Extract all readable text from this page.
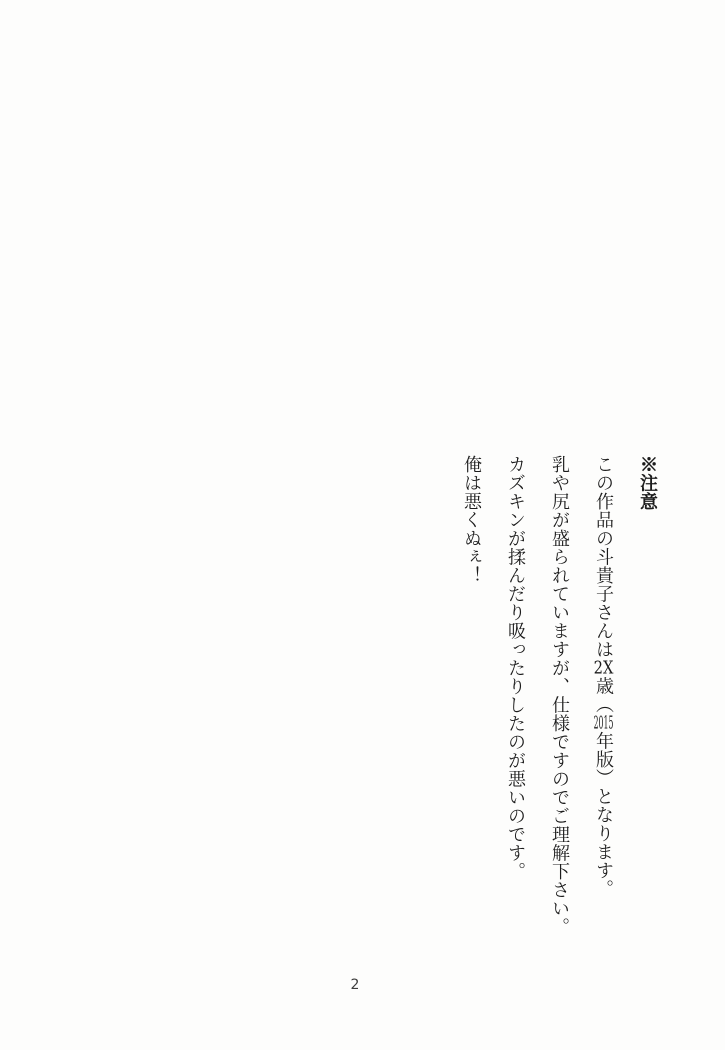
※注意
この作品の斗貴子さんは2X歳（2015年版）となります。
乳や尻が盛られていますが、仕様ですのでご理解下さい。
カズキンが揉んだり吸ったりしたのが悪いのです。
俺は悪くぬぇ！
2
